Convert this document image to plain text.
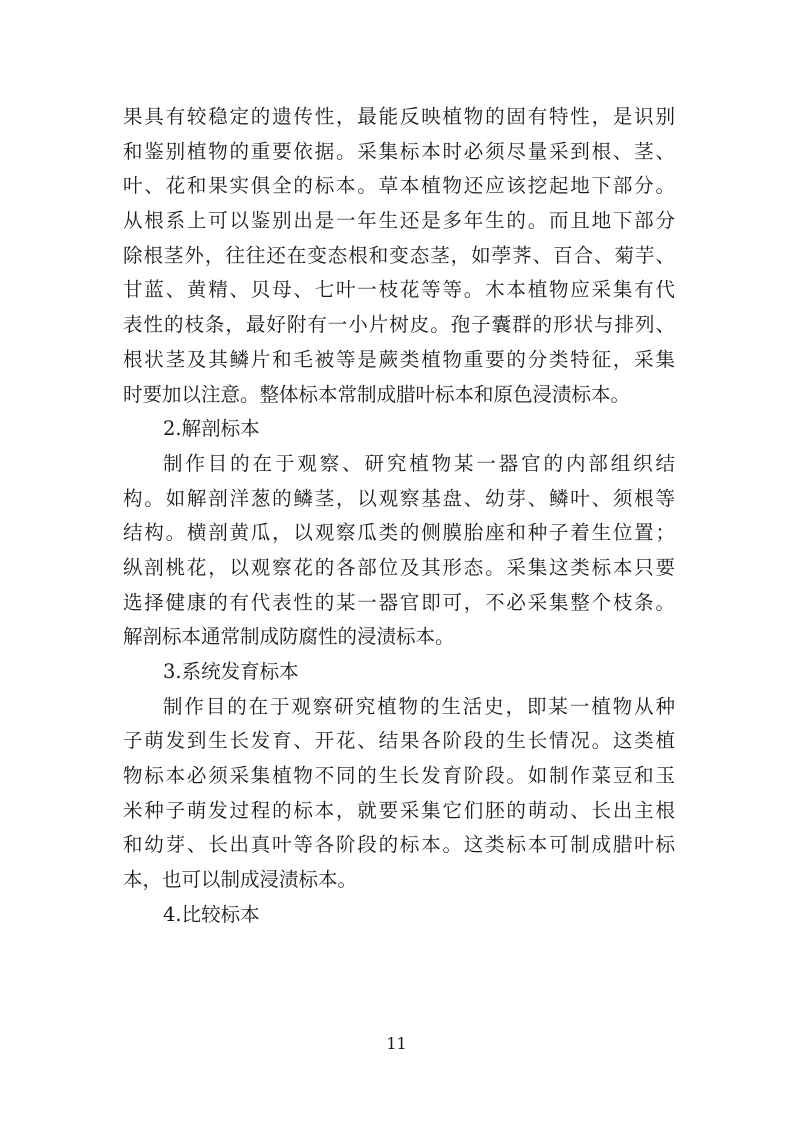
果具有较稳定的遗传性，最能反映植物的固有特性，是识别
和鉴别植物的重要依据。采集标本时必须尽量采到根、茎、
叶、花和果实俱全的标本。草本植物还应该挖起地下部分。
从根系上可以鉴别出是一年生还是多年生的。而且地下部分
除根茎外，往往还在变态根和变态茎，如荸荠、百合、菊芋、
甘蓝、黄精、贝母、七叶一枝花等等。木本植物应采集有代
表性的枝条，最好附有一小片树皮。孢子囊群的形状与排列、
根状茎及其鳞片和毛被等是蕨类植物重要的分类特征，采集
时要加以注意。整体标本常制成腊叶标本和原色浸渍标本。
2.解剖标本
制作目的在于观察、研究植物某一器官的内部组织结
构。如解剖洋葱的鳞茎，以观察基盘、幼芽、鳞叶、须根等
结构。横剖黄瓜，以观察瓜类的侧膜胎座和种子着生位置；
纵剖桃花，以观察花的各部位及其形态。采集这类标本只要
选择健康的有代表性的某一器官即可，不必采集整个枝条。
解剖标本通常制成防腐性的浸渍标本。
3.系统发育标本
制作目的在于观察研究植物的生活史，即某一植物从种
子萌发到生长发育、开花、结果各阶段的生长情况。这类植
物标本必须采集植物不同的生长发育阶段。如制作菜豆和玉
米种子萌发过程的标本，就要采集它们胚的萌动、长出主根
和幼芽、长出真叶等各阶段的标本。这类标本可制成腊叶标
本，也可以制成浸渍标本。
4.比较标本
11
